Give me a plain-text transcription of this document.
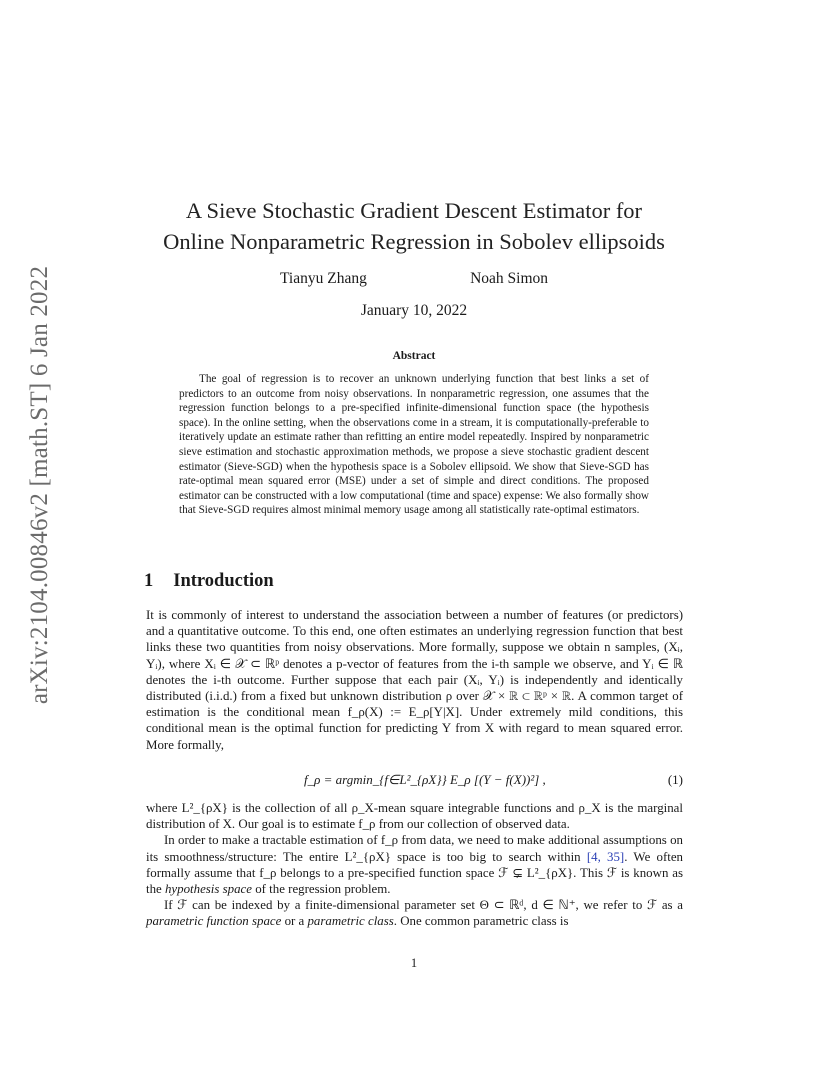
arXiv:2104.00846v2 [math.ST] 6 Jan 2022
A Sieve Stochastic Gradient Descent Estimator for
Online Nonparametric Regression in Sobolev ellipsoids
Tianyu Zhang	Noah Simon
January 10, 2022
Abstract
The goal of regression is to recover an unknown underlying function that best links a set of predictors to an outcome from noisy observations. In nonparametric regression, one assumes that the regression function belongs to a pre-specified infinite-dimensional function space (the hypothesis space). In the online setting, when the observations come in a stream, it is computationally-preferable to iteratively update an estimate rather than refitting an entire model repeatedly. Inspired by nonparametric sieve estimation and stochastic approximation methods, we propose a sieve stochastic gradient descent estimator (Sieve-SGD) when the hypothesis space is a Sobolev ellipsoid. We show that Sieve-SGD has rate-optimal mean squared error (MSE) under a set of simple and direct conditions. The proposed estimator can be constructed with a low computational (time and space) expense: We also formally show that Sieve-SGD requires almost minimal memory usage among all statistically rate-optimal estimators.
1 Introduction
It is commonly of interest to understand the association between a number of features (or predictors) and a quantitative outcome. To this end, one often estimates an underlying regression function that best links these two quantities from noisy observations. More formally, suppose we obtain n samples, (Xᵢ, Yᵢ), where Xᵢ ∈ 𝒳 ⊂ ℝᵖ denotes a p-vector of features from the i-th sample we observe, and Yᵢ ∈ ℝ denotes the i-th outcome. Further suppose that each pair (Xᵢ, Yᵢ) is independently and identically distributed (i.i.d.) from a fixed but unknown distribution ρ over 𝒳 × ℝ ⊂ ℝᵖ × ℝ. A common target of estimation is the conditional mean f_ρ(X) := E_ρ[Y|X]. Under extremely mild conditions, this conditional mean is the optimal function for predicting Y from X with regard to mean squared error. More formally,
f_ρ = argmin_{f∈L²_{ρX}} E_ρ [(Y − f(X))²] ,	(1)
where L²_{ρX} is the collection of all ρ_X-mean square integrable functions and ρ_X is the marginal distribution of X. Our goal is to estimate f_ρ from our collection of observed data.
In order to make a tractable estimation of f_ρ from data, we need to make additional assumptions on its smoothness/structure: The entire L²_{ρX} space is too big to search within [4, 35]. We often formally assume that f_ρ belongs to a pre-specified function space ℱ ⊊ L²_{ρX}. This ℱ is known as the hypothesis space of the regression problem.
If ℱ can be indexed by a finite-dimensional parameter set Θ ⊂ ℝᵈ, d ∈ ℕ⁺, we refer to ℱ as a parametric function space or a parametric class. One common parametric class is
1
